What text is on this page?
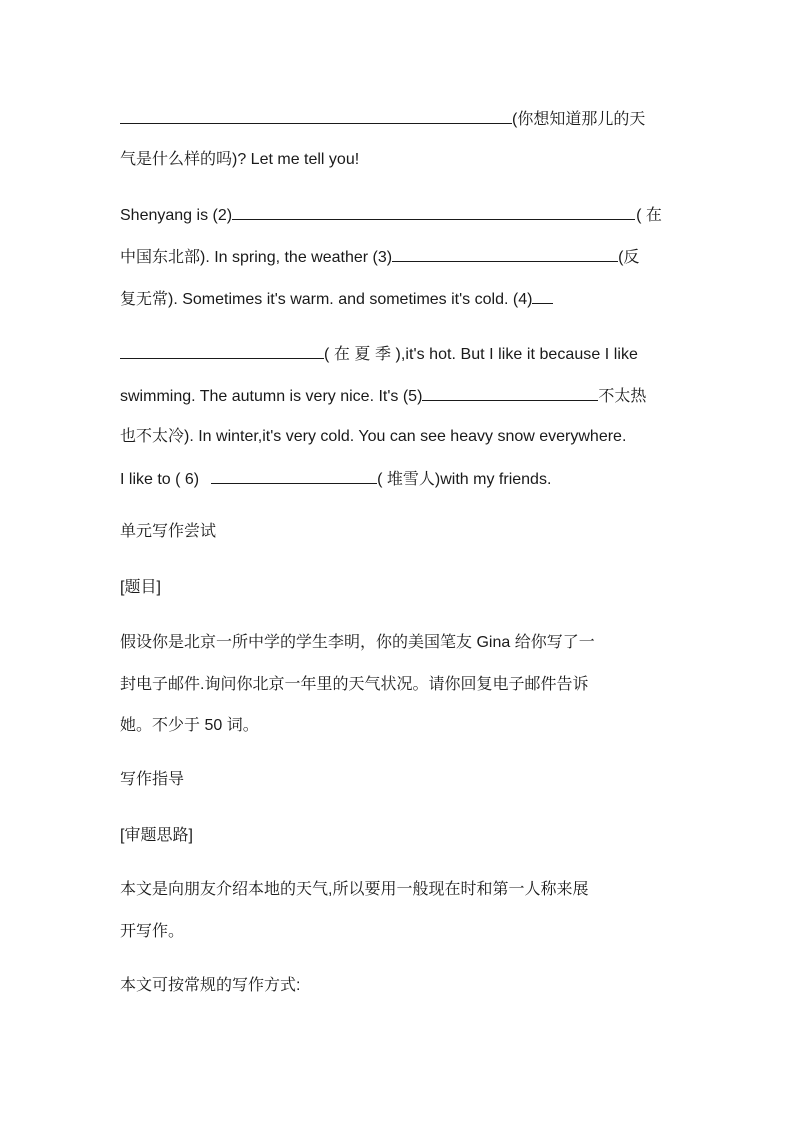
(你想知道那儿的天
气是什么样的吗)? Let me tell you!
Shenyang is (2)	( 在
中国东北部). In spring, the weather (3)	(反
复无常). Sometimes it's warm. and sometimes it's cold. (4)
( 在 夏 季 ),it's hot. But I like it because I like
swimming. The autumn is very nice. It's (5)	不太热
也不太冷). In winter,it's very cold. You can see heavy snow everywhere.
I like to ( 6)	( 堆雪人)with my friends.
单元写作尝试
[题目]
假设你是北京一所中学的学生李明，你的美国笔友 Gina 给你写了一
封电子邮件.询问你北京一年里的天气状况。请你回复电子邮件告诉
她。不少于 50 词。
写作指导
[审题思路]
本文是向朋友介绍本地的天气,所以要用一般现在时和第一人称来展
开写作。
本文可按常规的写作方式:
